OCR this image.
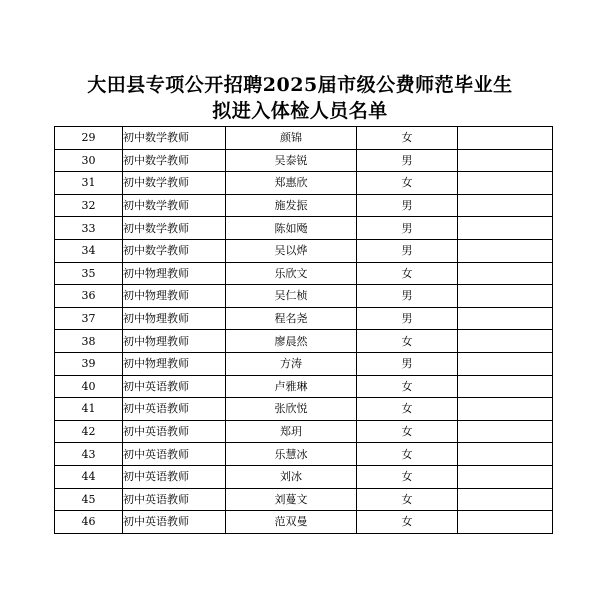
大田县专项公开招聘2025届市级公费师范毕业生
拟进入体检人员名单
29	初中数学教师	颜锦	女	
30	初中数学教师	吴泰锐	男	
31	初中数学教师	郑惠欣	女	
32	初中数学教师	施发振	男	
33	初中数学教师	陈如飏	男	
34	初中数学教师	吴以烨	男	
35	初中物理教师	乐欣文	女	
36	初中物理教师	吴仁桢	男	
37	初中物理教师	程名尧	男	
38	初中物理教师	廖晨然	女	
39	初中物理教师	方涛	男	
40	初中英语教师	卢雅琳	女	
41	初中英语教师	张欣悦	女	
42	初中英语教师	郑玥	女	
43	初中英语教师	乐慧冰	女	
44	初中英语教师	刘冰	女	
45	初中英语教师	刘蔓文	女	
46	初中英语教师	范双曼	女	
